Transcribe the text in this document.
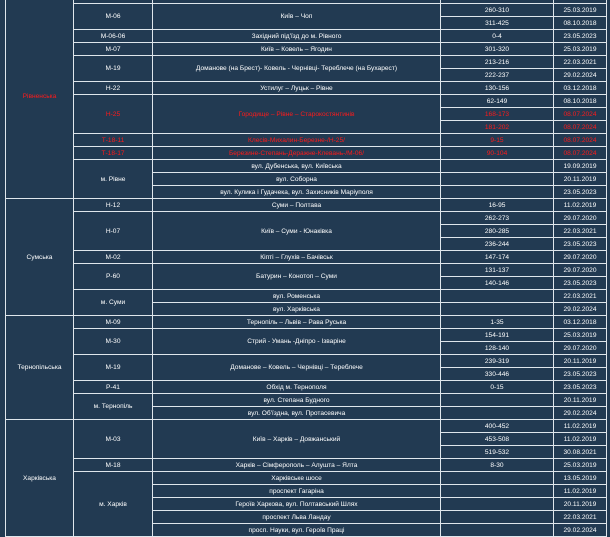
Рівненська				
	М-06	Київ – Чоп	260-310	25.03.2019
			311-425	08.10.2018
	М-06-06	Західний під'їзд до м. Рівного	0-4	23.05.2023
	М-07	Київ – Ковель – Ягодин	301-320	25.03.2019
	М-19	Доманове (на Брест)- Ковель - Чернівці- Тереблече (на Бухарест)	213-216	22.03.2021
			222-237	29.02.2024
	Н-22	Устилуг – Луцьк – Рівне	130-156	03.12.2018
	Н-25	Городище – Рівне – Старокостянтинів	62-149	08.10.2018
			168-173	08.07.2024
			181-202	08.07.2024
	Т-18-11	Клесів-Михалин-Березне-/Н-25/	9-15	08.07.2024
	Т-18-17	Березине-Степань-Деражне-Клевань-/М-06/	90-104	08.07.2024
	м. Рівне	вул. Дубенська, вул. Київська		19.09.2019
		вул. Соборна		20.11.2019
		вул. Кулика і Гудачека, вул. Захисників Маріуполя		23.05.2023
Сумська	Н-12	Суми – Полтава	16-95	11.02.2019
	Н-07	Київ – Суми - Юнаківка	262-273	29.07.2020
			280-285	22.03.2021
			236-244	23.05.2023
	М-02	Кіпті – Глухів – Бачівськ	147-174	29.07.2020
	Р-60	Батурин – Конотоп – Суми	131-137	29.07.2020
			140-146	23.05.2023
	м. Суми	вул. Роменська		22.03.2021
		вул. Харківська		29.02.2024
Тернопільська	М-09	Тернопіль – Львів – Рава Руська	1-35	03.12.2018
	М-30	Стрий - Умань -Дніпро - Ізваріне	154-191	25.03.2019
			128-140	29.07.2020
	М-19	Доманове – Ковель – Чернівці – Тереблече	239-319	20.11.2019
			330-446	23.05.2023
	Р-41	Обхід м. Тернополя	0-15	23.05.2023
	м. Тернопіль	вул. Степана Будного		20.11.2019
		вул. Об'їздна, вул. Протасевича		29.02.2024
Харківська	М-03	Київ – Харків – Довжанський	400-452	11.02.2019
			453-508	11.02.2019
			519-532	30.08.2021
	М-18	Харків – Сімферополь – Алушта – Ялта	8-30	25.03.2019
	м. Харків	Харківське шосе		13.05.2019
		проспект Гагаріна		11.02.2019
		Героїв Харкова, вул. Полтавський Шлях		20.11.2019
		проспект Льва Ландау		22.03.2021
		просп. Науки, вул. Героїв Праці		29.02.2024
